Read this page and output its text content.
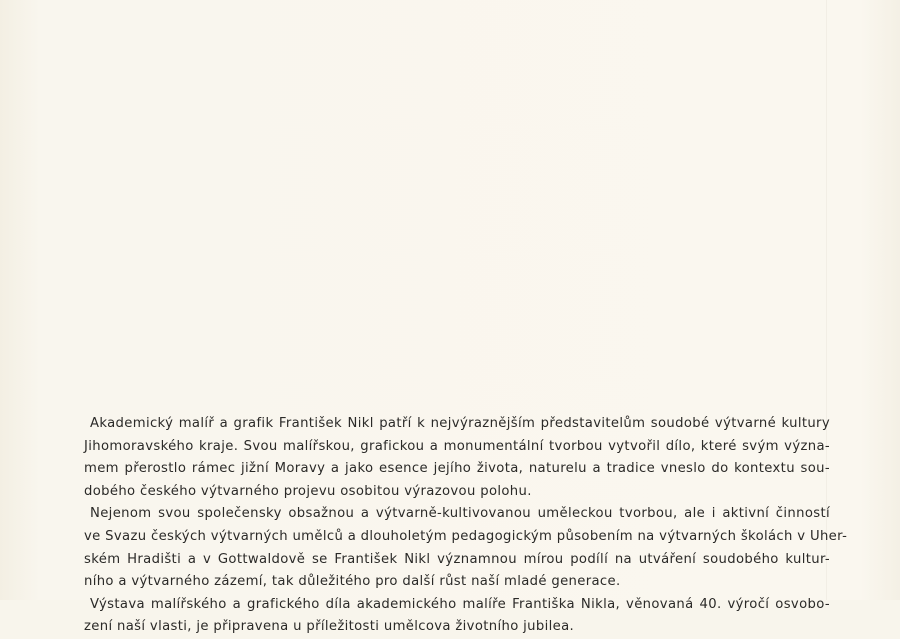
Akademický malíř a grafik František Nikl patří k nejvýraznějším představitelům soudobé výtvarné kultury
Jihomoravského kraje. Svou malířskou, grafickou a monumentální tvorbou vytvořil dílo, které svým význa-
mem přerostlo rámec jižní Moravy a jako esence jejího života, naturelu a tradice vneslo do kontextu sou-
dobého českého výtvarného projevu osobitou výrazovou polohu.
Nejenom svou společensky obsažnou a výtvarně-kultivovanou uměleckou tvorbou, ale i aktivní činností
ve Svazu českých výtvarných umělců a dlouholetým pedagogickým působením na výtvarných školách v Uher-
ském Hradišti a v Gottwaldově se František Nikl významnou mírou podílí na utváření soudobého kultur-
ního a výtvarného zázemí, tak důležitého pro další růst naší mladé generace.
Výstava malířského a grafického díla akademického malíře Františka Nikla, věnovaná 40. výročí osvobo-
zení naší vlasti, je připravena u příležitosti umělcova životního jubilea.
